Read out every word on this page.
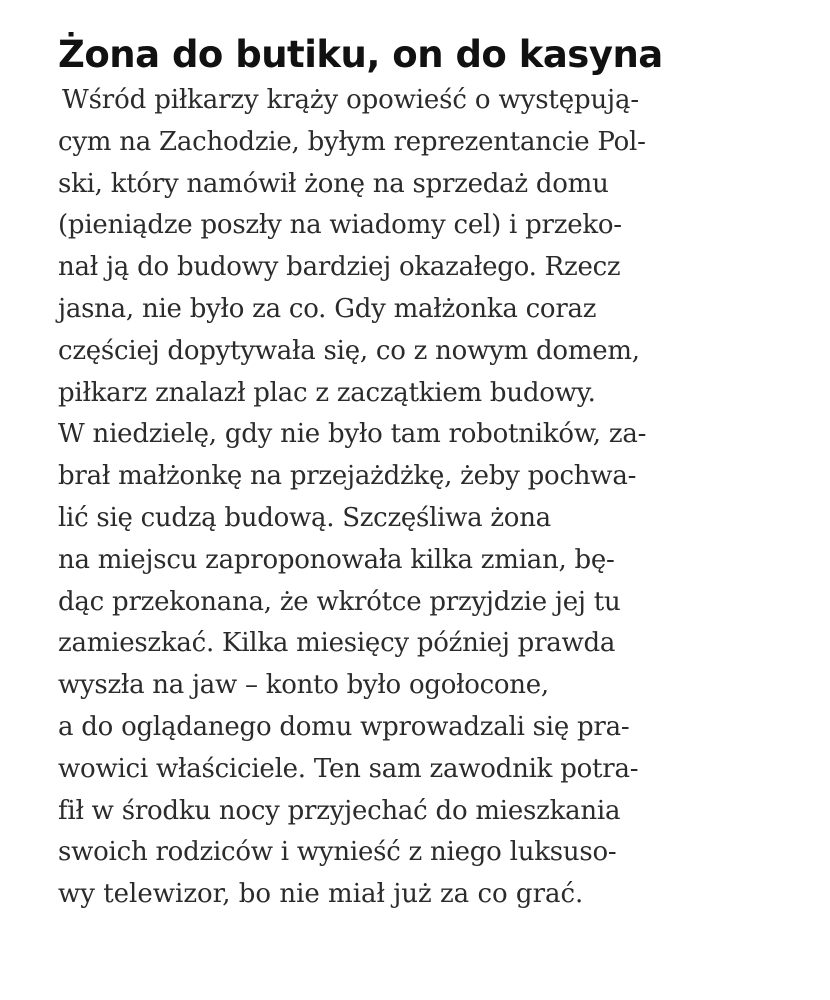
Żona do butiku, on do kasyna
Wśród piłkarzy krąży opowieść o występują-
cym na Zachodzie, byłym reprezentancie Pol-
ski, który namówił żonę na sprzedaż domu
(pieniądze poszły na wiadomy cel) i przeko-
nał ją do budowy bardziej okazałego. Rzecz
jasna, nie było za co. Gdy małżonka coraz
częściej dopytywała się, co z nowym domem,
piłkarz znalazł plac z zaczątkiem budowy.
W niedzielę, gdy nie było tam robotników, za-
brał małżonkę na przejażdżkę, żeby pochwa-
lić się cudzą budową. Szczęśliwa żona
na miejscu zaproponowała kilka zmian, bę-
dąc przekonana, że wkrótce przyjdzie jej tu
zamieszkać. Kilka miesięcy później prawda
wyszła na jaw – konto było ogołocone,
a do oglądanego domu wprowadzali się pra-
wowici właściciele. Ten sam zawodnik potra-
fił w środku nocy przyjechać do mieszkania
swoich rodziców i wynieść z niego luksuso-
wy telewizor, bo nie miał już za co grać.
